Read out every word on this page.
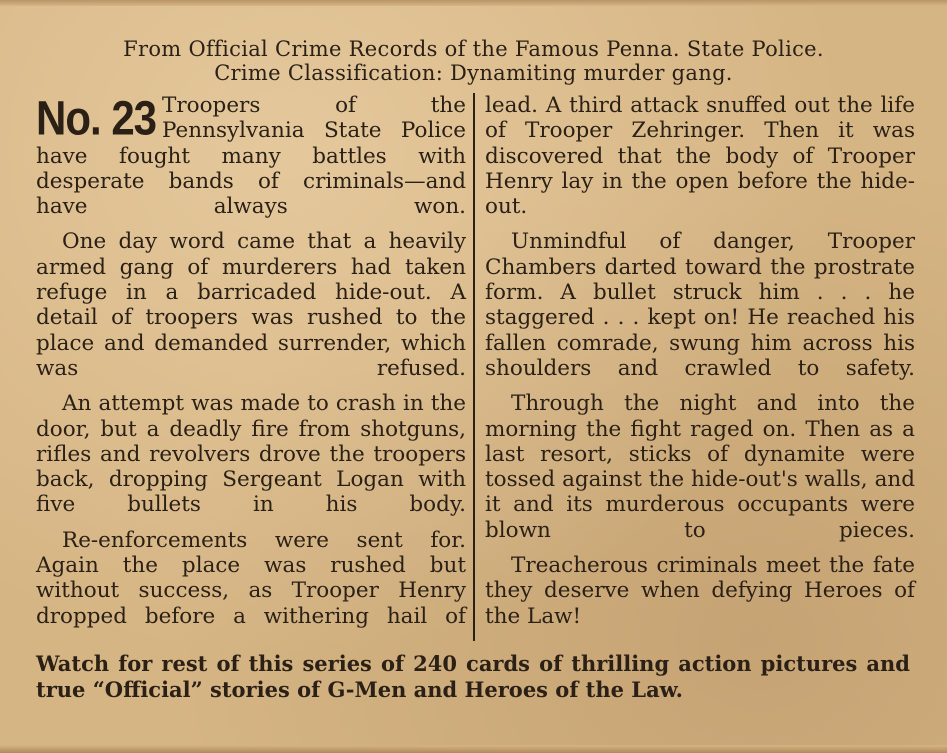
From Official Crime Records of the Famous Penna. State Police.
Crime Classification: Dynamiting murder gang.

No. 23 Troopers of the Pennsylvania State Police have fought many battles with desperate bands of criminals—and have always won.

One day word came that a heavily armed gang of murderers had taken refuge in a barricaded hide-out. A detail of troopers was rushed to the place and demanded surrender, which was refused.

An attempt was made to crash in the door, but a deadly fire from shotguns, rifles and revolvers drove the troopers back, dropping Sergeant Logan with five bullets in his body.

Re-enforcements were sent for. Again the place was rushed but without success, as Trooper Henry dropped before a withering hail of

lead. A third attack snuffed out the life of Trooper Zehringer. Then it was discovered that the body of Trooper Henry lay in the open before the hide-out.

Unmindful of danger, Trooper Chambers darted toward the prostrate form. A bullet struck him . . . he staggered . . . kept on! He reached his fallen comrade, swung him across his shoulders and crawled to safety.

Through the night and into the morning the fight raged on. Then as a last resort, sticks of dynamite were tossed against the hide-out's walls, and it and its murderous occupants were blown to pieces.

Treacherous criminals meet the fate they deserve when defying Heroes of the Law!

Watch for rest of this series of 240 cards of thrilling action pictures and true “Official” stories of G-Men and Heroes of the Law.
